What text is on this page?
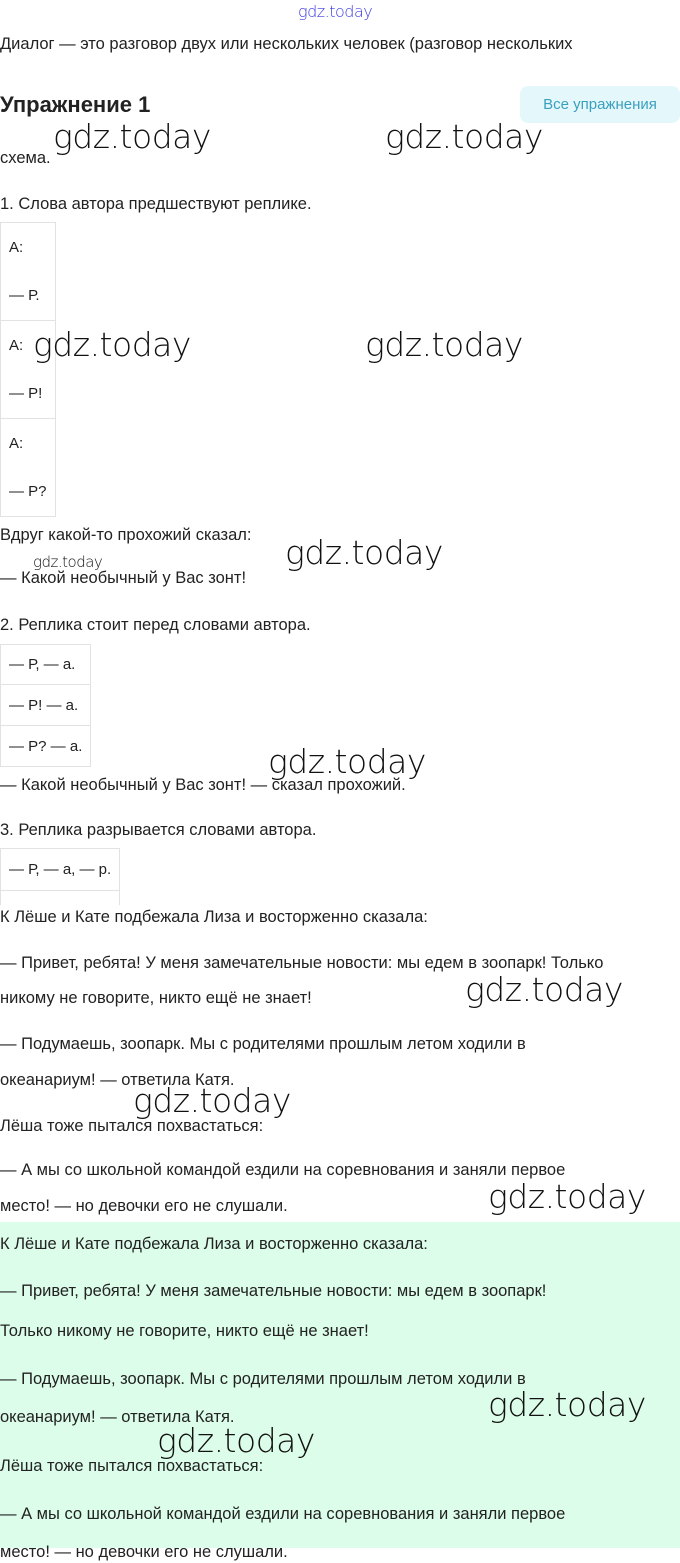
gdz.today
Диалог — это разговор двух или нескольких человек (разговор нескольких
Упражнение 1	Все упражнения
схема.
1. Слова автора предшествуют реплике.
А:
— Р.
А:
— Р!
А:
— Р?
Вдруг какой-то прохожий сказал:
— Какой необычный у Вас зонт!
2. Реплика стоит перед словами автора.
— Р, — а.
— Р! — а.
— Р? — а.
— Какой необычный у Вас зонт! — сказал прохожий.
3. Реплика разрывается словами автора.
— Р, — а, — р.

К Лёше и Кате подбежала Лиза и восторженно сказала:
— Привет, ребята! У меня замечательные новости: мы едем в зоопарк! Только
никому не говорите, никто ещё не знает!
— Подумаешь, зоопарк. Мы с родителями прошлым летом ходили в
океанариум! — ответила Катя.
Лёша тоже пытался похвастаться:
— А мы со школьной командой ездили на соревнования и заняли первое
место! — но девочки его не слушали.
К Лёше и Кате подбежала Лиза и восторженно сказала:
— Привет, ребята! У меня замечательные новости: мы едем в зоопарк!
Только никому не говорите, никто ещё не знает!
— Подумаешь, зоопарк. Мы с родителями прошлым летом ходили в
океанариум! — ответила Катя.
Лёша тоже пытался похвастаться:
— А мы со школьной командой ездили на соревнования и заняли первое
место! — но девочки его не слушали.
gdz.today	gdz.today
gdz.today	gdz.today
gdz.today	gdz.today
gdz.today
gdz.today
gdz.today
gdz.today
gdz.today
gdz.today
